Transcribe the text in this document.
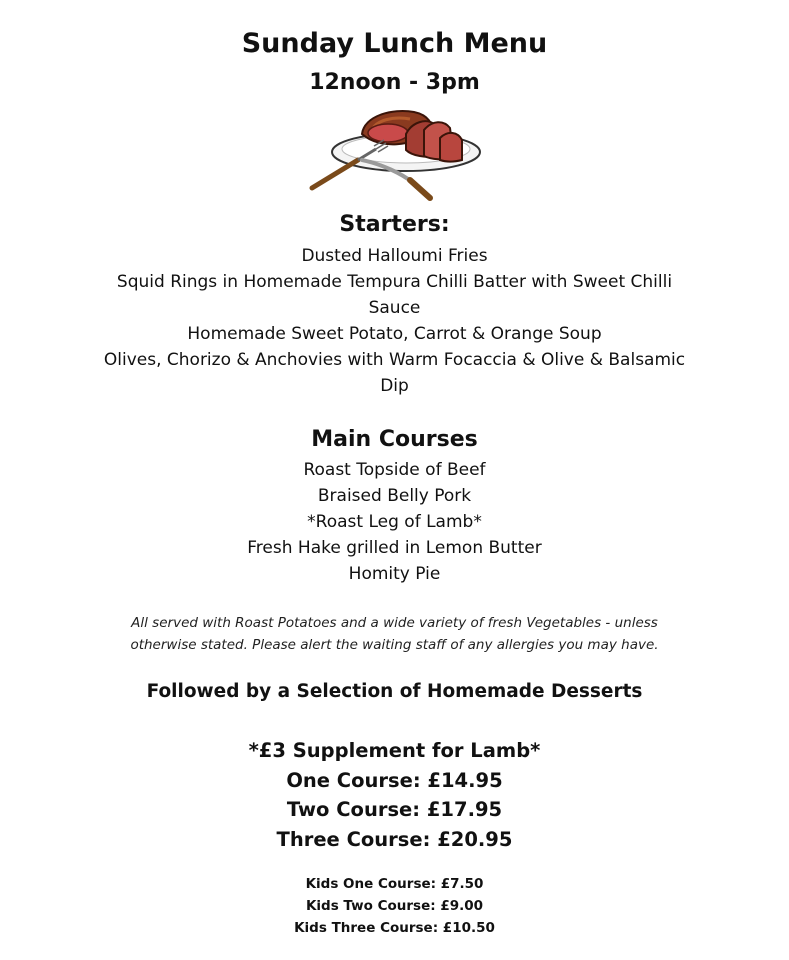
Sunday Lunch Menu
12noon - 3pm
Starters:
Dusted Halloumi Fries
Squid Rings in Homemade Tempura Chilli Batter with Sweet Chilli Sauce
Homemade Sweet Potato, Carrot & Orange Soup
Olives, Chorizo & Anchovies with Warm Focaccia & Olive & Balsamic Dip
Main Courses
Roast Topside of Beef
Braised Belly Pork
*Roast Leg of Lamb*
Fresh Hake grilled in Lemon Butter
Homity Pie
All served with Roast Potatoes and a wide variety of fresh Vegetables - unless otherwise stated. Please alert the waiting staff of any allergies you may have.
Followed by a Selection of Homemade Desserts
*£3 Supplement for Lamb*
One Course: £14.95
Two Course: £17.95
Three Course: £20.95
Kids One Course: £7.50
Kids Two Course: £9.00
Kids Three Course: £10.50
